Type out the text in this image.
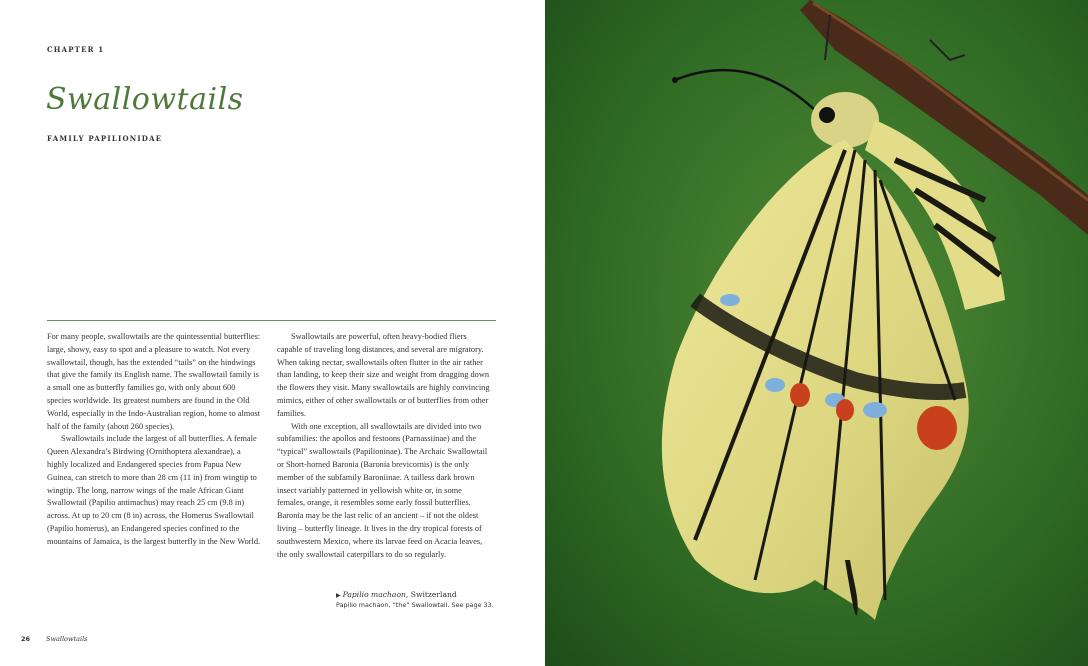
CHAPTER 1
Swallowtails
FAMILY PAPILIONIDAE

For many people, swallowtails are the quintessential butterflies: large, showy, easy to spot and a pleasure to watch. Not every swallowtail, though, has the extended “tails” on the hindwings that give the family its English name. The swallowtail family is a small one as butterfly families go, with only about 600 species worldwide. Its greatest numbers are found in the Old World, especially in the Indo-Australian region, home to almost half of the family (about 260 species).

Swallowtails include the largest of all butterflies. A female Queen Alexandra’s Birdwing (Ornithoptera alexandrae), a highly localized and Endangered species from Papua New Guinea, can stretch to more than 28 cm (11 in) from wingtip to wingtip. The long, narrow wings of the male African Giant Swallowtail (Papilio antimachus) may reach 25 cm (9.8 in) across. At up to 20 cm (8 in) across, the Homerus Swallowtail (Papilio homerus), an Endangered species confined to the mountains of Jamaica, is the largest butterfly in the New World.

Swallowtails are powerful, often heavy-bodied fliers capable of traveling long distances, and several are migratory. When taking nectar, swallowtails often flutter in the air rather than landing, to keep their size and weight from dragging down the flowers they visit. Many swallowtails are highly convincing mimics, either of other swallowtails or of butterflies from other families.

With one exception, all swallowtails are divided into two subfamilies: the apollos and festoons (Parnassiinae) and the “typical” swallowtails (Papilioninae). The Archaic Swallowtail or Short-horned Baronia (Baronia brevicornis) is the only member of the subfamily Baroniinae. A tailless dark brown insect variably patterned in yellowish white or, in some females, orange, it resembles some early fossil butterflies. Baronia may be the last relic of an ancient – if not the oldest living – butterfly lineage. It lives in the dry tropical forests of southwestern Mexico, where its larvae feed on Acacia leaves, the only swallowtail caterpillars to do so regularly.

▶ Papilio machaon, Switzerland
Papilio machaon, “the” Swallowtail. See page 33.
26 Swallowtails
